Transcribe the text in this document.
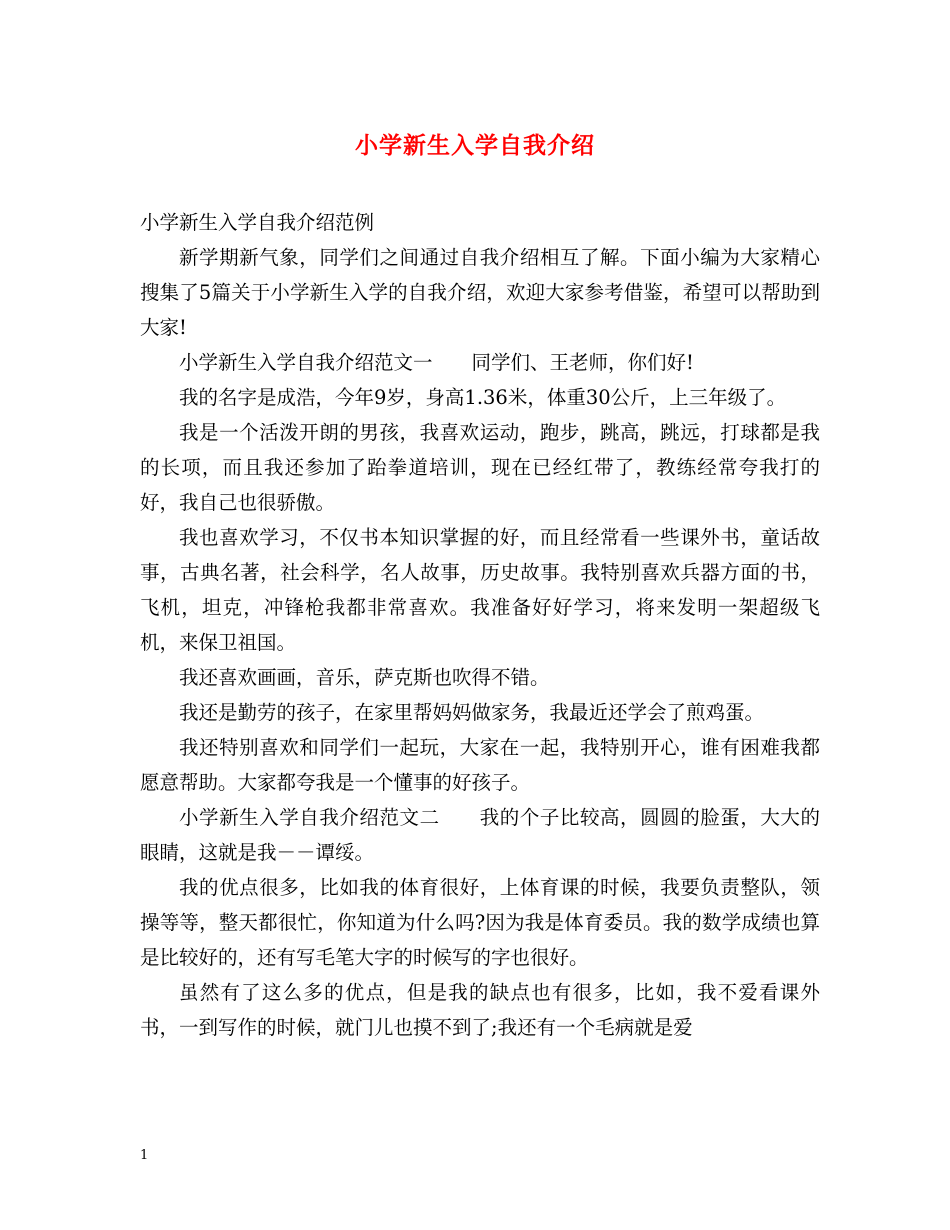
小学新生入学自我介绍

小学新生入学自我介绍范例

新学期新气象，同学们之间通过自我介绍相互了解。下面小编为大家精心搜集了5篇关于小学新生入学的自我介绍，欢迎大家参考借鉴，希望可以帮助到大家!

小学新生入学自我介绍范文一　　同学们、王老师，你们好!

我的名字是成浩，今年9岁，身高1.36米，体重30公斤，上三年级了。

我是一个活泼开朗的男孩，我喜欢运动，跑步，跳高，跳远，打球都是我的长项，而且我还参加了跆拳道培训，现在已经红带了，教练经常夸我打的好，我自己也很骄傲。

我也喜欢学习，不仅书本知识掌握的好，而且经常看一些课外书，童话故事，古典名著，社会科学，名人故事，历史故事。我特别喜欢兵器方面的书，飞机，坦克，冲锋枪我都非常喜欢。我准备好好学习，将来发明一架超级飞机，来保卫祖国。

我还喜欢画画，音乐，萨克斯也吹得不错。

我还是勤劳的孩子，在家里帮妈妈做家务，我最近还学会了煎鸡蛋。

我还特别喜欢和同学们一起玩，大家在一起，我特别开心，谁有困难我都愿意帮助。大家都夸我是一个懂事的好孩子。

小学新生入学自我介绍范文二　　我的个子比较高，圆圆的脸蛋，大大的眼睛，这就是我－－谭绥。

我的优点很多，比如我的体育很好，上体育课的时候，我要负责整队，领操等等，整天都很忙，你知道为什么吗?因为我是体育委员。我的数学成绩也算是比较好的，还有写毛笔大字的时候写的字也很好。

虽然有了这么多的优点，但是我的缺点也有很多，比如，我不爱看课外书，一到写作的时候，就门儿也摸不到了;我还有一个毛病就是爱

1
